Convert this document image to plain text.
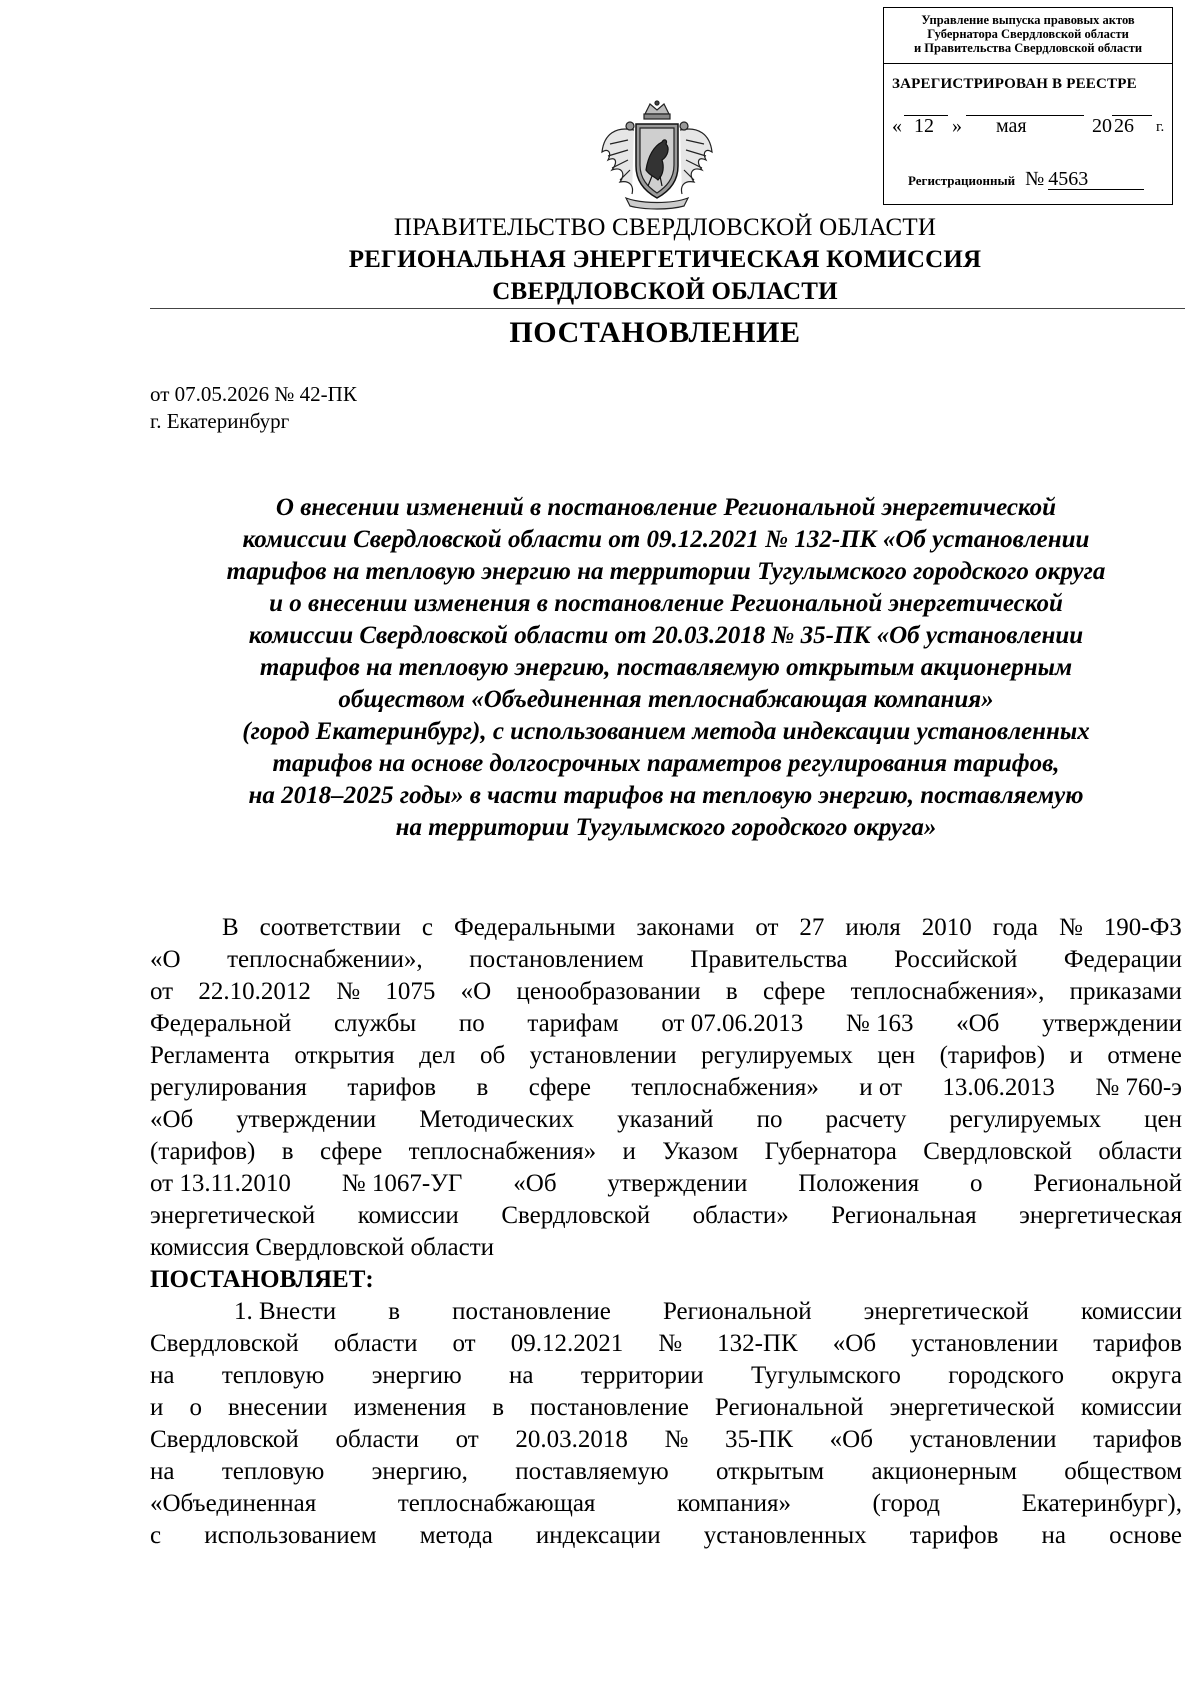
Управление выпуска правовых актов
Губернатора Свердловской области
и Правительства Свердловской области
ЗАРЕГИСТРИРОВАН В РЕЕСТРЕ
« 12 » мая	20 26 г.
Регистрационный № 4563
ПРАВИТЕЛЬСТВО СВЕРДЛОВСКОЙ ОБЛАСТИ
РЕГИОНАЛЬНАЯ ЭНЕРГЕТИЧЕСКАЯ КОМИССИЯ
СВЕРДЛОВСКОЙ ОБЛАСТИ
ПОСТАНОВЛЕНИЕ
от 07.05.2026 № 42-ПК
г. Екатеринбург
О внесении изменений в постановление Региональной энергетической
комиссии Свердловской области от 09.12.2021 № 132-ПК «Об установлении
тарифов на тепловую энергию на территории Тугулымского городского округа
и о внесении изменения в постановление Региональной энергетической
комиссии Свердловской области от 20.03.2018 № 35-ПК «Об установлении
тарифов на тепловую энергию, поставляемую открытым акционерным
обществом «Объединенная теплоснабжающая компания»
(город Екатеринбург), с использованием метода индексации установленных
тарифов на основе долгосрочных параметров регулирования тарифов,
на 2018–2025 годы» в части тарифов на тепловую энергию, поставляемую
на территории Тугулымского городского округа»
В соответствии с Федеральными законами от 27 июля 2010 года № 190-ФЗ
«О теплоснабжении», постановлением Правительства Российской Федерации
от 22.10.2012 № 1075 «О ценообразовании в сфере теплоснабжения», приказами
Федеральной службы по тарифам от 07.06.2013 № 163 «Об утверждении
Регламента открытия дел об установлении регулируемых цен (тарифов) и отмене
регулирования тарифов в сфере теплоснабжения» и от 13.06.2013 № 760-э
«Об утверждении Методических указаний по расчету регулируемых цен
(тарифов) в сфере теплоснабжения» и Указом Губернатора Свердловской области
от 13.11.2010 № 1067-УГ «Об утверждении Положения о Региональной
энергетической комиссии Свердловской области» Региональная энергетическая
комиссия Свердловской области
ПОСТАНОВЛЯЕТ:
1. Внести в постановление Региональной энергетической комиссии
Свердловской области от 09.12.2021 № 132-ПК «Об установлении тарифов
на тепловую энергию на территории Тугулымского городского округа
и о внесении изменения в постановление Региональной энергетической комиссии
Свердловской области от 20.03.2018 № 35-ПК «Об установлении тарифов
на тепловую энергию, поставляемую открытым акционерным обществом
«Объединенная	теплоснабжающая	компания»	(город	Екатеринбург),
с использованием метода индексации установленных тарифов на основе
